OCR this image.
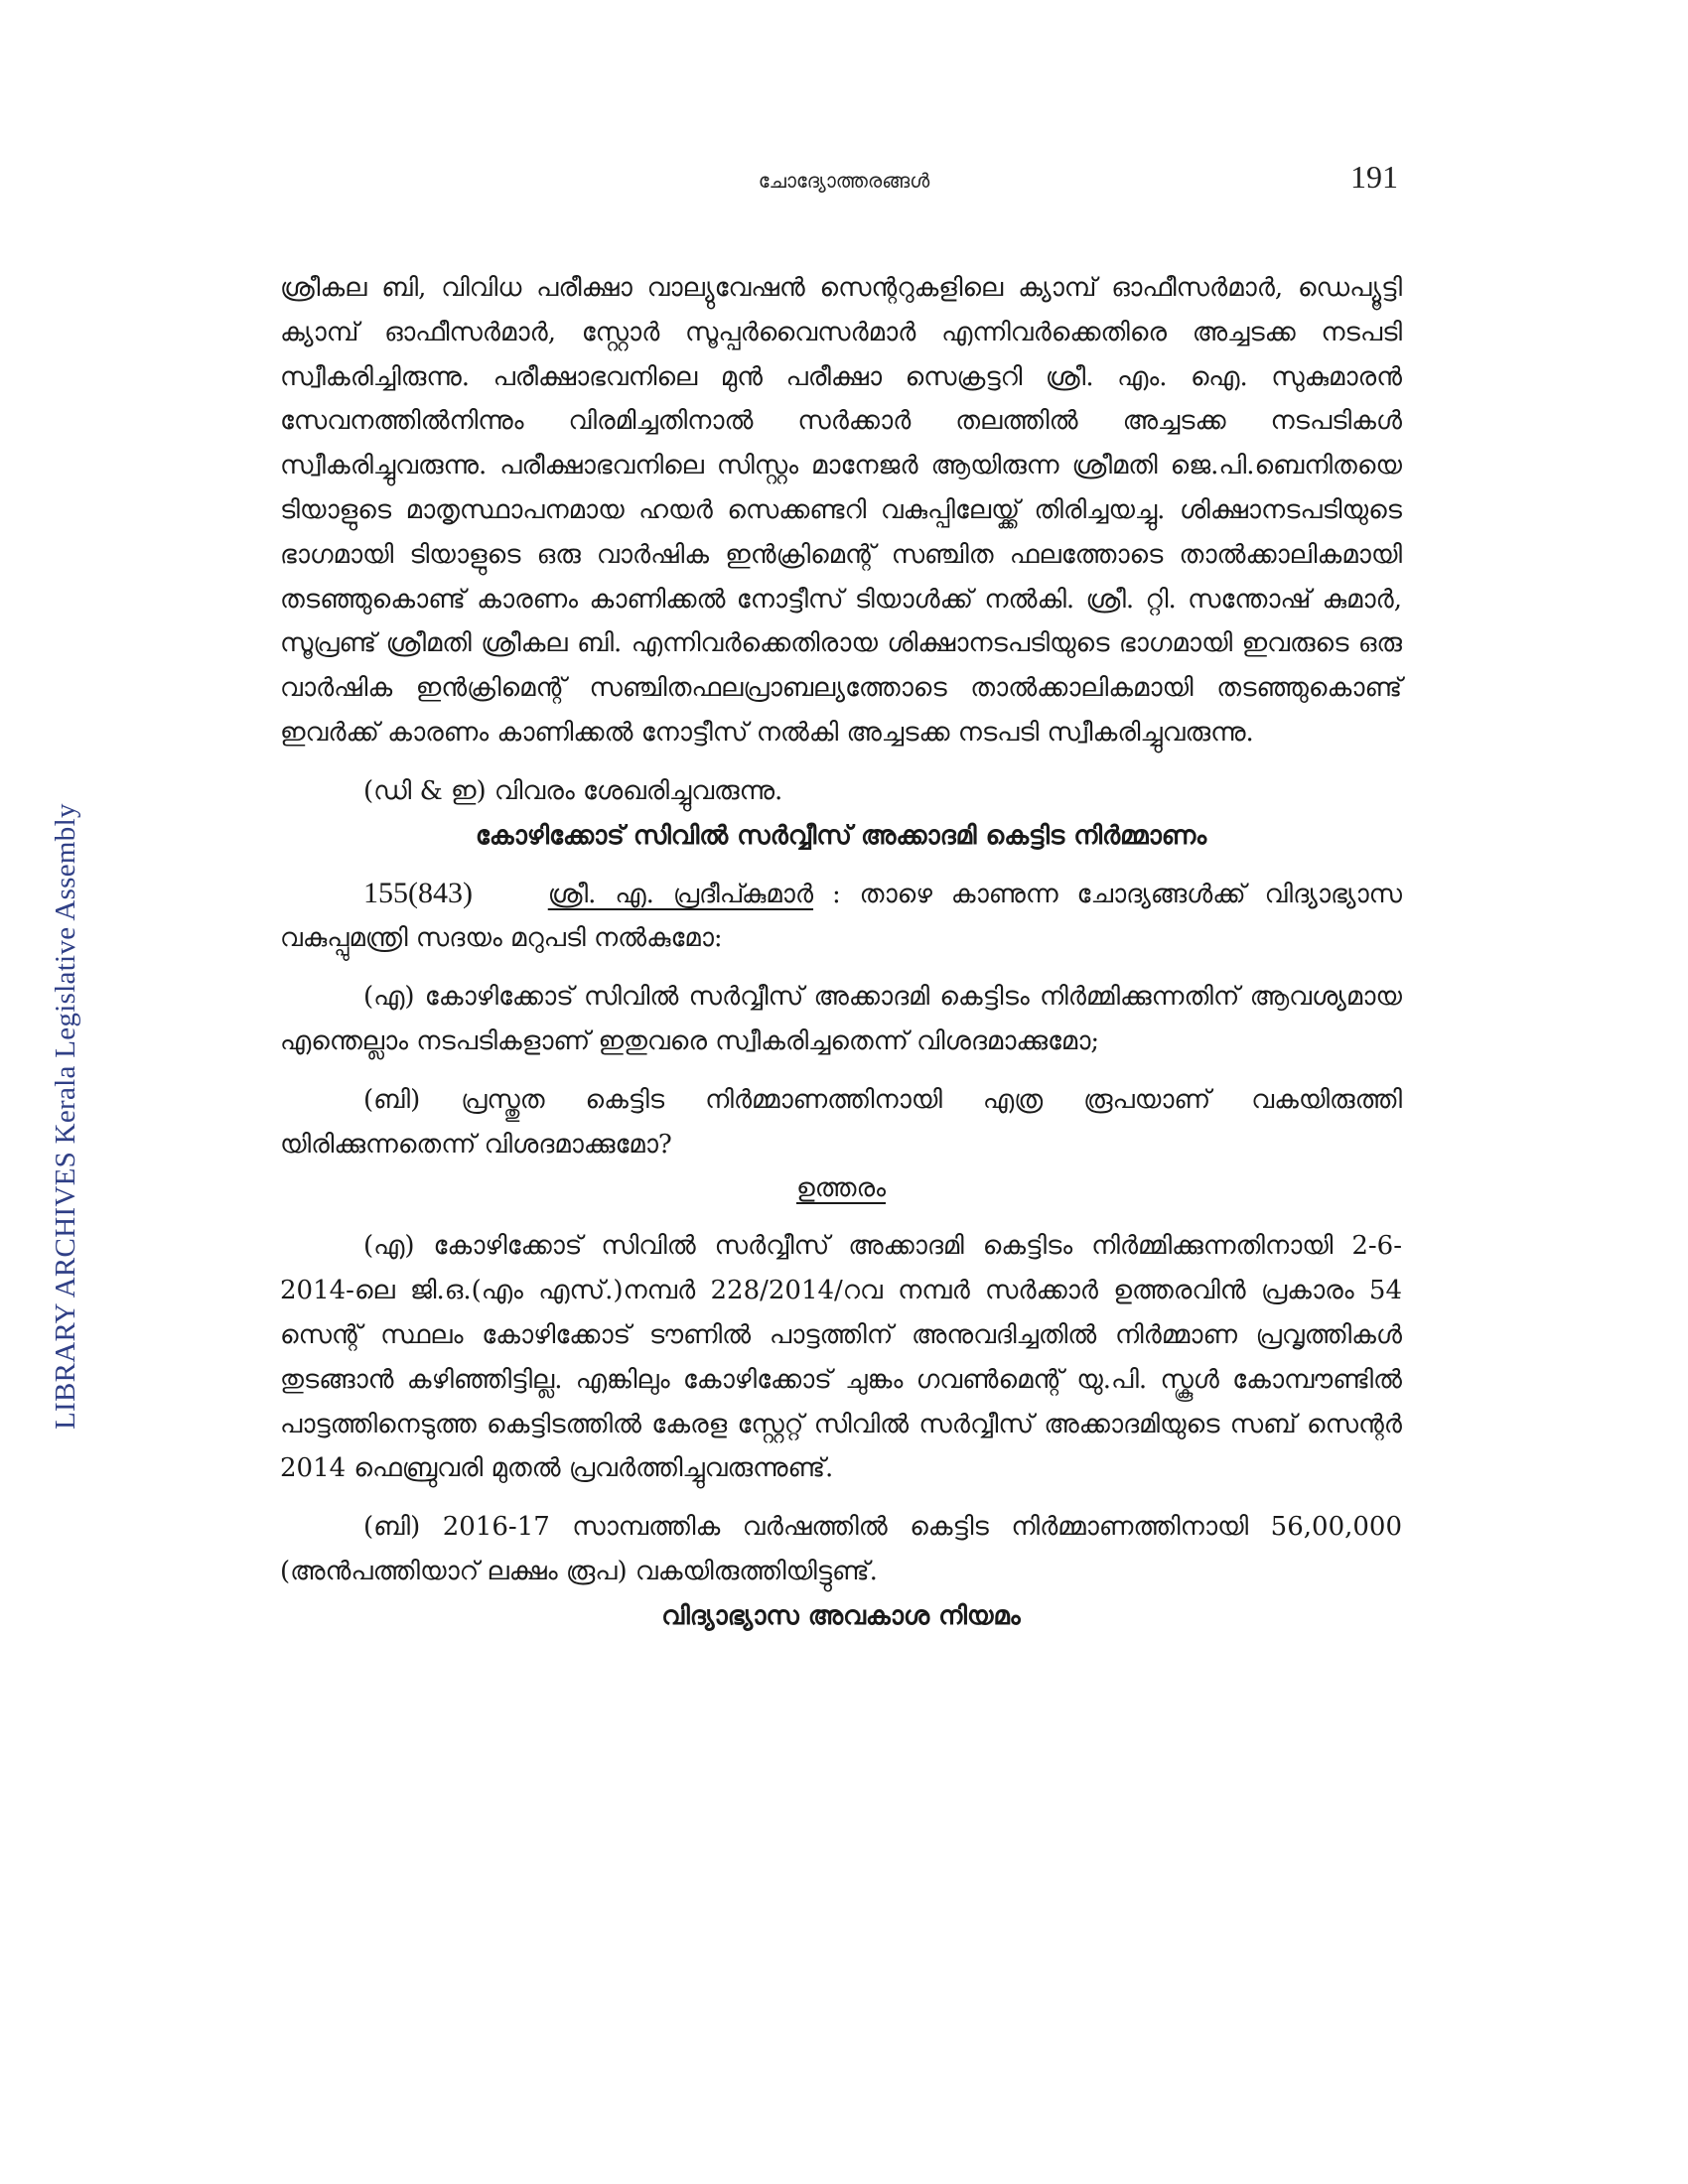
LIBRARY ARCHIVES Kerala Legislative Assembly
ചോദ്യോത്തരങ്ങൾ	191

ശ്രീകല ബി, വിവിധ പരീക്ഷാ വാല്യുവേഷൻ സെന്ററുകളിലെ ക്യാമ്പ് ഓഫീസർമാർ, ഡെപ്യൂട്ടി ക്യാമ്പ് ഓഫീസർമാർ, സ്റ്റോർ സൂപ്പർവൈസർമാർ എന്നിവർക്കെതിരെ അച്ചടക്ക നടപടി സ്വീകരിച്ചിരുന്നു. പരീക്ഷാഭവനിലെ മുൻ പരീക്ഷാ സെക്രട്ടറി ശ്രീ. എം. ഐ. സുകുമാരൻ സേവനത്തിൽനിന്നും വിരമിച്ചതിനാൽ സർക്കാർ തലത്തിൽ അച്ചടക്ക നടപടികൾ സ്വീകരിച്ചുവരുന്നു. പരീക്ഷാഭവനിലെ സിസ്റ്റം മാനേജർ ആയിരുന്ന ശ്രീമതി ജെ.പി.ബെനിതയെ ടിയാളുടെ മാതൃസ്ഥാപനമായ ഹയർ സെക്കണ്ടറി വകുപ്പിലേയ്ക്ക് തിരിച്ചയച്ചു. ശിക്ഷാനടപടിയുടെ ഭാഗമായി ടിയാളുടെ ഒരു വാർഷിക ഇൻക്രിമെന്റ് സഞ്ചിത ഫലത്തോടെ താൽക്കാലികമായി തടഞ്ഞുകൊണ്ട് കാരണം കാണിക്കൽ നോട്ടീസ് ടിയാൾക്ക് നൽകി. ശ്രീ. റ്റി. സന്തോഷ് കുമാർ, സൂപ്രണ്ട് ശ്രീമതി ശ്രീകല ബി. എന്നിവർക്കെതിരായ ശിക്ഷാനടപടിയുടെ ഭാഗമായി ഇവരുടെ ഒരു വാർഷിക ഇൻക്രിമെന്റ് സഞ്ചിതഫലപ്രാബല്യത്തോടെ താൽക്കാലികമായി തടഞ്ഞുകൊണ്ട് ഇവർക്ക് കാരണം കാണിക്കൽ നോട്ടീസ് നൽകി അച്ചടക്ക നടപടി സ്വീകരിച്ചുവരുന്നു.

(ഡി & ഇ) വിവരം ശേഖരിച്ചുവരുന്നു.

കോഴിക്കോട് സിവിൽ സർവ്വീസ് അക്കാദമി കെട്ടിട നിർമ്മാണം

155(843)	ശ്രീ. എ. പ്രദീപ്കുമാർ : താഴെ കാണുന്ന ചോദ്യങ്ങൾക്ക് വിദ്യാഭ്യാസ വകുപ്പുമന്ത്രി സദയം മറുപടി നൽകുമോ:

(എ) കോഴിക്കോട് സിവിൽ സർവ്വീസ് അക്കാദമി കെട്ടിടം നിർമ്മിക്കുന്നതിന് ആവശ്യമായ എന്തെല്ലാം നടപടികളാണ് ഇതുവരെ സ്വീകരിച്ചതെന്ന് വിശദമാക്കുമോ;

(ബി) പ്രസ്തുത കെട്ടിട നിർമ്മാണത്തിനായി എത്ര രൂപയാണ് വകയിരുത്തി യിരിക്കുന്നതെന്ന് വിശദമാക്കുമോ?

ഉത്തരം

(എ) കോഴിക്കോട് സിവിൽ സർവ്വീസ് അക്കാദമി കെട്ടിടം നിർമ്മിക്കുന്നതിനായി 2-6-2014-ലെ ജി.ഒ.(എം എസ്.)നമ്പർ 228/2014/റവ നമ്പർ സർക്കാർ ഉത്തരവിൻ പ്രകാരം 54 സെന്റ് സ്ഥലം കോഴിക്കോട് ടൗണിൽ പാട്ടത്തിന് അനുവദിച്ചതിൽ നിർമ്മാണ പ്രവൃത്തികൾ തുടങ്ങാൻ കഴിഞ്ഞിട്ടില്ല. എങ്കിലും കോഴിക്കോട് ചുങ്കം ഗവൺമെന്റ് യു.പി. സ്കൂൾ കോമ്പൗണ്ടിൽ പാട്ടത്തിനെടുത്ത കെട്ടിടത്തിൽ കേരള സ്റ്റേറ്റ് സിവിൽ സർവ്വീസ് അക്കാദമിയുടെ സബ് സെന്റർ 2014 ഫെബ്രുവരി മുതൽ പ്രവർത്തിച്ചുവരുന്നുണ്ട്.

(ബി) 2016-17 സാമ്പത്തിക വർഷത്തിൽ കെട്ടിട നിർമ്മാണത്തിനായി 56,00,000 (അൻപത്തിയാറ് ലക്ഷം രൂപ) വകയിരുത്തിയിട്ടുണ്ട്.

വിദ്യാഭ്യാസ അവകാശ നിയമം
